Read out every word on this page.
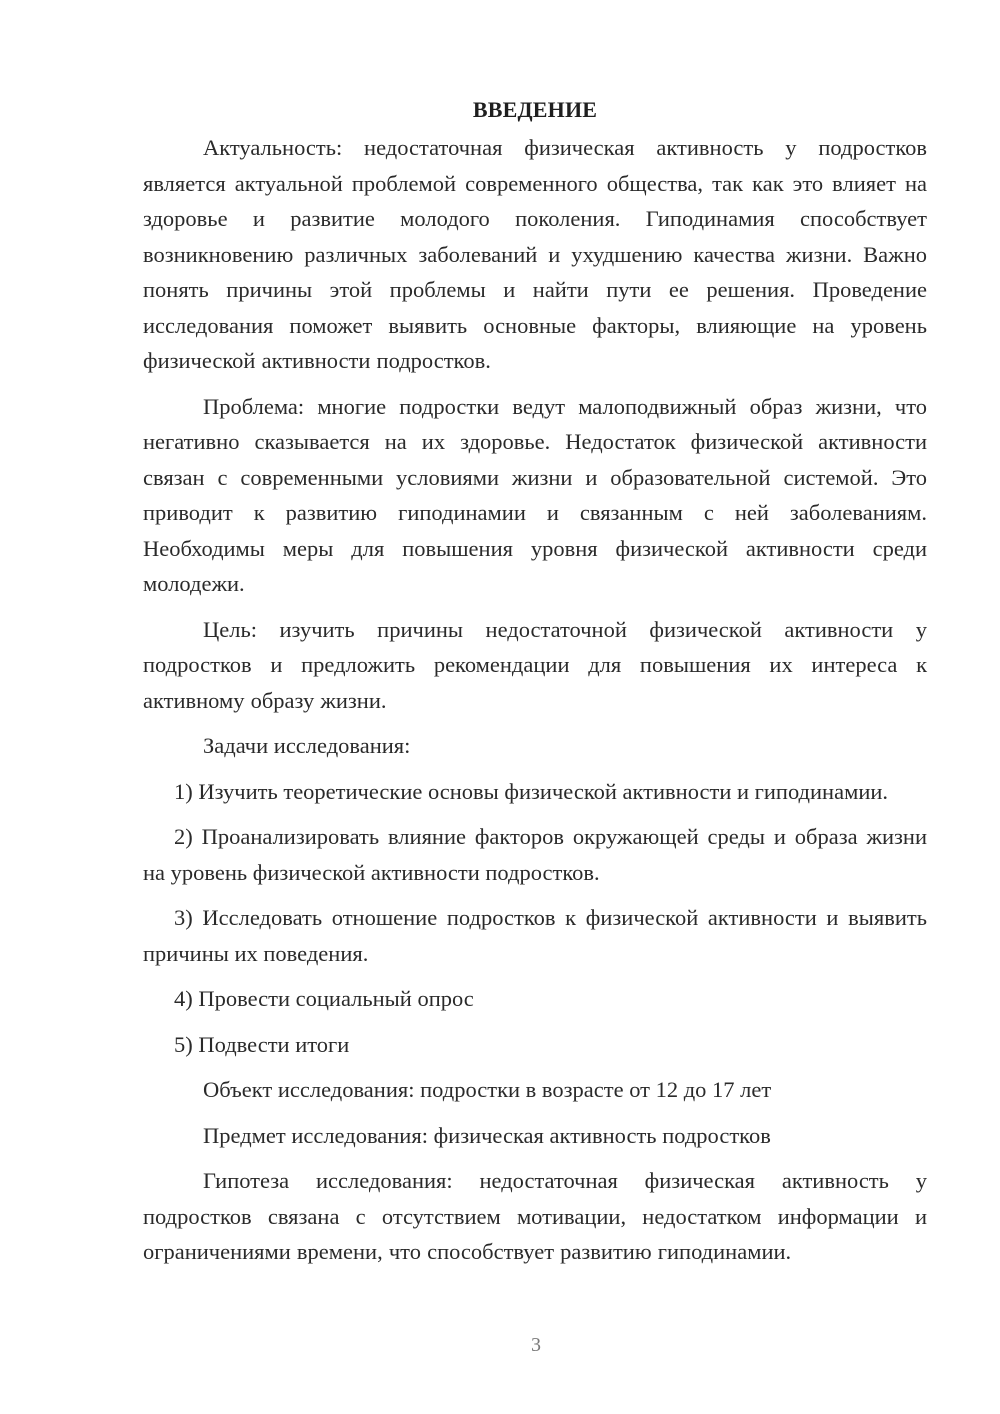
ВВЕДЕНИЕ

Актуальность: недостаточная физическая активность у подростков является актуальной проблемой современного общества, так как это влияет на здоровье и развитие молодого поколения. Гиподинамия способствует возникновению различных заболеваний и ухудшению качества жизни. Важно понять причины этой проблемы и найти пути ее решения. Проведение исследования поможет выявить основные факторы, влияющие на уровень физической активности подростков.

Проблема: многие подростки ведут малоподвижный образ жизни, что негативно сказывается на их здоровье. Недостаток физической активности связан с современными условиями жизни и образовательной системой. Это приводит к развитию гиподинамии и связанным с ней заболеваниям. Необходимы меры для повышения уровня физической активности среди молодежи.

Цель: изучить причины недостаточной физической активности у подростков и предложить рекомендации для повышения их интереса к активному образу жизни.

Задачи исследования:

1) Изучить теоретические основы физической активности и гиподинамии.

2) Проанализировать влияние факторов окружающей среды и образа жизни на уровень физической активности подростков.

3) Исследовать отношение подростков к физической активности и выявить причины их поведения.

4) Провести социальный опрос

5) Подвести итоги

Объект исследования: подростки в возрасте от 12 до 17 лет

Предмет исследования: физическая активность подростков

Гипотеза исследования: недостаточная физическая активность у подростков связана с отсутствием мотивации, недостатком информации и ограничениями времени, что способствует развитию гиподинамии.

3
